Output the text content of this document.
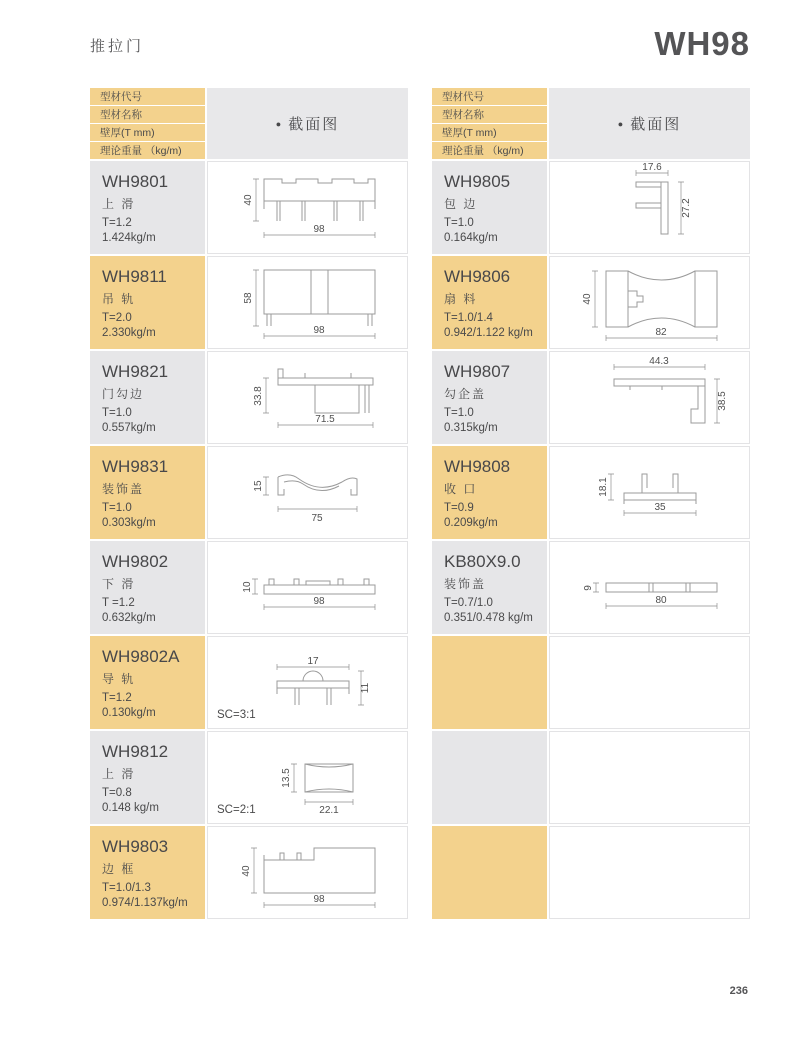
推拉门	WH98
型材代号
型材名称
壁厚(T mm)
理论重量 （kg/m)
● 截面图
WH9801
上 滑
T=1.2
1.424kg/m
40
98
WH9811
吊 轨
T=2.0
2.330kg/m
58
98
WH9821
门勾边
T=1.0
0.557kg/m
33.8
71.5
WH9831
装饰盖
T=1.0
0.303kg/m
15
75
WH9802
下 滑
T =1.2
0.632kg/m
10
98
WH9802A
导 轨
T=1.2
0.130kg/m
17
11
SC=3:1
WH9812
上 滑
T=0.8
0.148 kg/m
13.5
22.1
SC=2:1
WH9803
边 框
T=1.0/1.3
0.974/1.137kg/m
40
98
型材代号
型材名称
壁厚(T mm)
理论重量 （kg/m)
● 截面图
WH9805
包 边
T=1.0
0.164kg/m
17.6
27.2
WH9806
扇 料
T=1.0/1.4
0.942/1.122 kg/m
40
82
WH9807
勾企盖
T=1.0
0.315kg/m
44.3
38.5
WH9808
收 口
T=0.9
0.209kg/m
18.1
35
KB80X9.0
装饰盖
T=0.7/1.0
0.351/0.478 kg/m
9
80
236
